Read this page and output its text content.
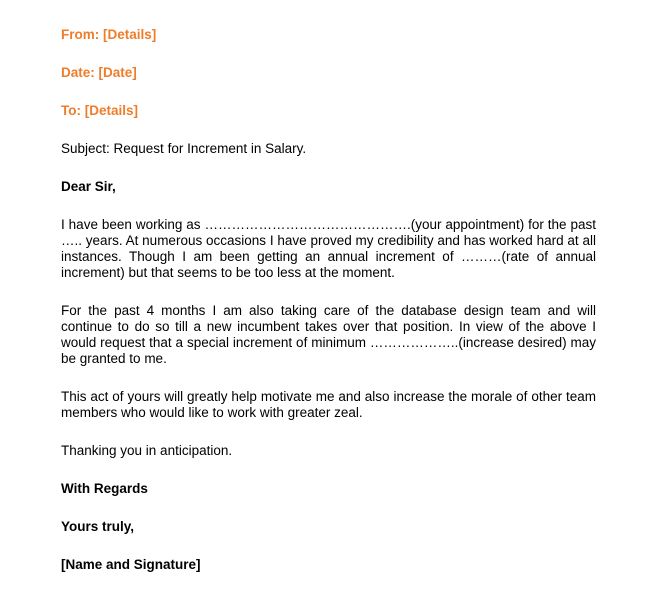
From: [Details]
Date: [Date]
To: [Details]
Subject: Request for Increment in Salary.
Dear Sir,
I have been working as ……………………………………….(your appointment) for the past ….. years. At numerous occasions I have proved my credibility and has worked hard at all instances. Though I am been getting an annual increment of ………(rate of annual increment) but that seems to be too less at the moment.
For the past 4 months I am also taking care of the database design team and will continue to do so till a new incumbent takes over that position. In view of the above I would request that a special increment of minimum ………………..(increase desired) may be granted to me.
This act of yours will greatly help motivate me and also increase the morale of other team members who would like to work with greater zeal.
Thanking you in anticipation.
With Regards
Yours truly,
[Name and Signature]
